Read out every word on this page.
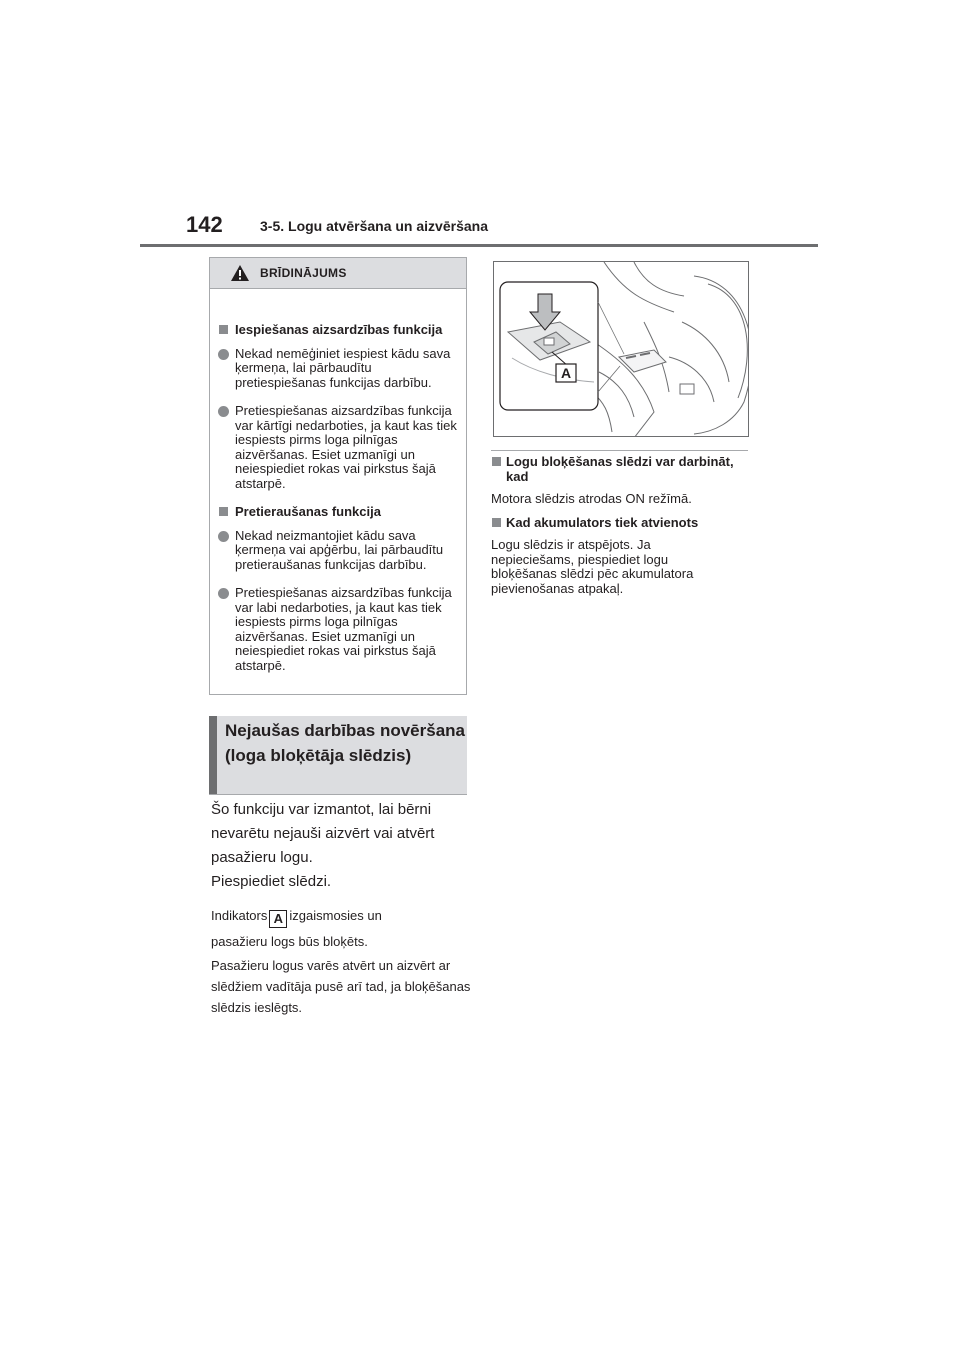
142	3-5. Logu atvēršana un aizvēršana
BRĪDINĀJUMS
Iespiešanas aizsardzības funkcija
Nekad nemēģiniet iespiest kādu sava ķermeņa, lai pārbaudītu pretiespiešanas funkcijas darbību.
Pretiespiešanas aizsardzības funkcija var kārtīgi nedarboties, ja kaut kas tiek iespiests pirms loga pilnīgas aizvēršanas. Esiet uzmanīgi un neiespiediet rokas vai pirkstus šajā atstarpē.
Pretieraušanas funkcija
Nekad neizmantojiet kādu sava ķermeņa vai apģērbu, lai pārbaudītu pretieraušanas funkcijas darbību.
Pretiespiešanas aizsardzības funkcija var labi nedarboties, ja kaut kas tiek iespiests pirms loga pilnīgas aizvēršanas. Esiet uzmanīgi un neiespiediet rokas vai pirkstus šajā atstarpē.
Nejaušas darbības novēršana (loga bloķētāja slēdzis)

Šo funkciju var izmantot, lai bērni nevarētu nejauši aizvērt vai atvērt pasažieru logu.

Piespiediet slēdzi.

Indikators A izgaismosies un

pasažieru logs būs bloķēts.

Pasažieru logus varēs atvērt un aizvērt ar slēdžiem vadītāja pusē arī tad, ja bloķēšanas slēdzis ieslēgts.

A
Logu bloķēšanas slēdzi var darbināt, kad
Motora slēdzis atrodas ON režīmā.
Kad akumulators tiek atvienots
Logu slēdzis ir atspējots. Ja nepieciešams, piespiediet logu bloķēšanas slēdzi pēc akumulatora pievienošanas atpakaļ.
